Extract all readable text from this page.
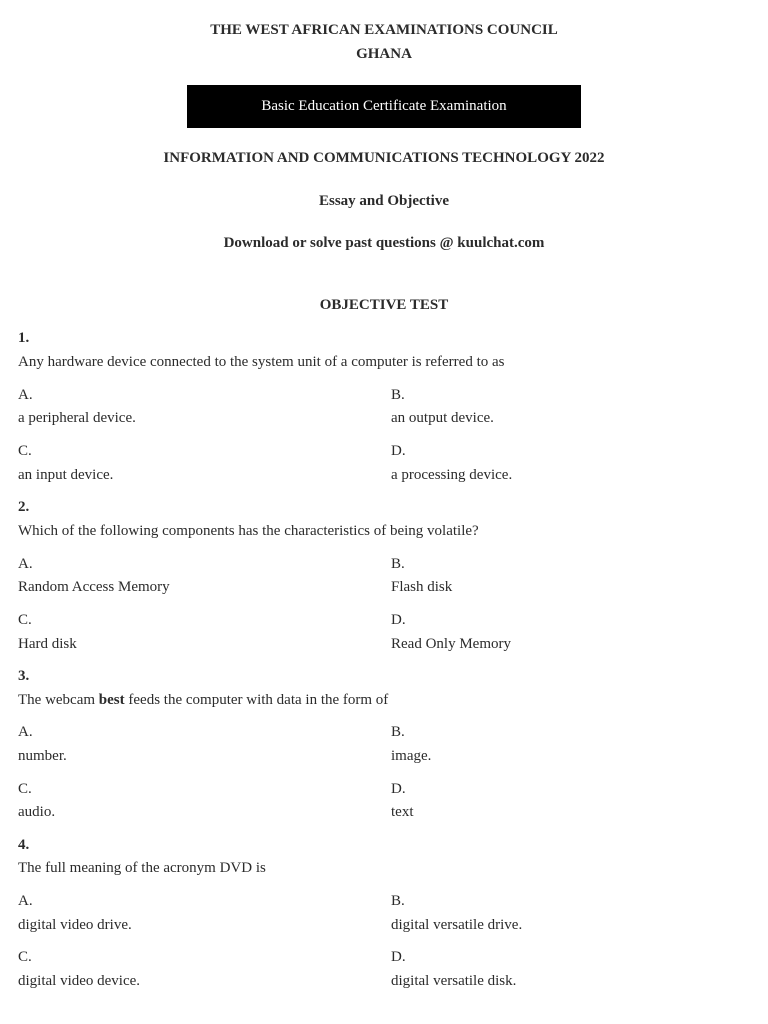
THE WEST AFRICAN EXAMINATIONS COUNCIL
GHANA
Basic Education Certificate Examination
INFORMATION AND COMMUNICATIONS TECHNOLOGY 2022
Essay and Objective
Download or solve past questions @ kuulchat.com
OBJECTIVE TEST
1.
Any hardware device connected to the system unit of a computer is referred to as
A.
a peripheral device.
B.
an output device.
C.
an input device.
D.
a processing device.
2.
Which of the following components has the characteristics of being volatile?
A.
Random Access Memory
B.
Flash disk
C.
Hard disk
D.
Read Only Memory
3.
The webcam best feeds the computer with data in the form of
A.
number.
B.
image.
C.
audio.
D.
text
4.
The full meaning of the acronym DVD is
A.
digital video drive.
B.
digital versatile drive.
C.
digital video device.
D.
digital versatile disk.
